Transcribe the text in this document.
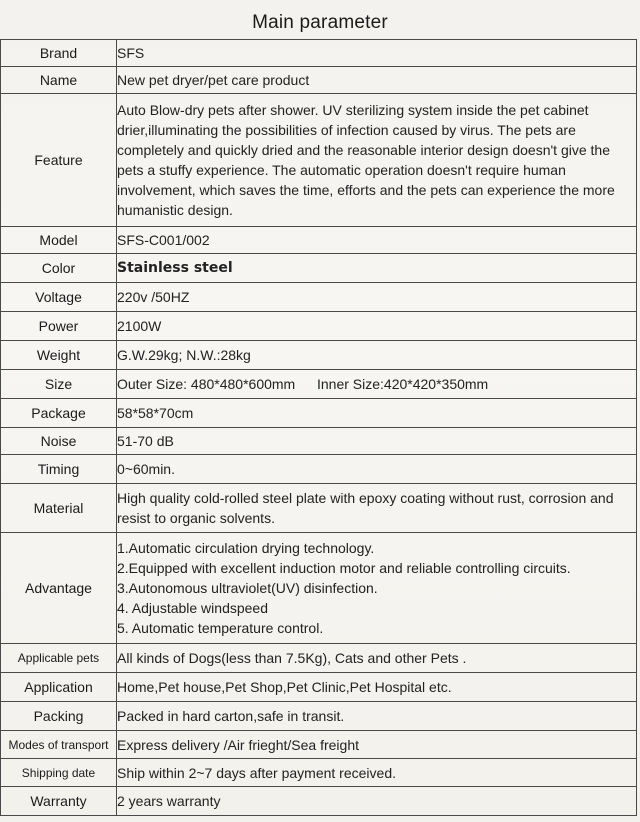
Main parameter
Brand	SFS
Name	New pet dryer/pet care product
Feature	Auto Blow-dry pets after shower. UV sterilizing system inside the pet cabinet drier,illuminating the possibilities of infection caused by virus. The pets are completely and quickly dried and the reasonable interior design doesn't give the pets a stuffy experience. The automatic operation doesn't require human involvement, which saves the time, efforts and the pets can experience the more humanistic design.
Model	SFS-C001/002
Color	Stainless steel
Voltage	220v /50HZ
Power	2100W
Weight	G.W.29kg; N.W.:28kg
Size	Outer Size: 480*480*600mm Inner Size:420*420*350mm
Package	58*58*70cm
Noise	51-70 dB
Timing	0~60min.
Material	High quality cold-rolled steel plate with epoxy coating without rust, corrosion and resist to organic solvents.
Advantage	1.Automatic circulation drying technology.
2.Equipped with excellent induction motor and reliable controlling circuits.
3.Autonomous ultraviolet(UV) disinfection.
4. Adjustable windspeed
5. Automatic temperature control.

Applicable pets	All kinds of Dogs(less than 7.5Kg), Cats and other Pets .
Application	Home,Pet house,Pet Shop,Pet Clinic,Pet Hospital etc.
Packing	Packed in hard carton,safe in transit.
Modes of transport	Express delivery /Air frieght/Sea freight
Shipping date	Ship within 2~7 days after payment received.
Warranty	2 years warranty
